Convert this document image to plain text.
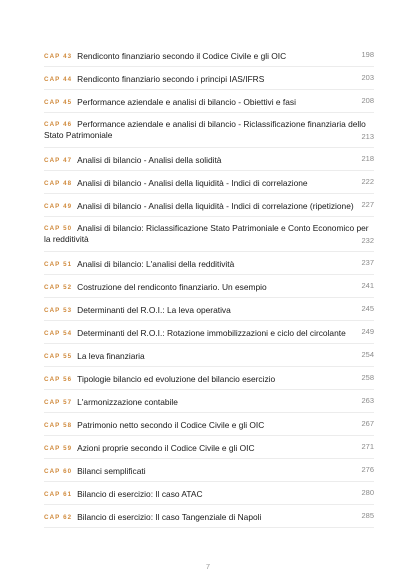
CAP 43 Rendiconto finanziario secondo il Codice Civile e gli OIC	198
CAP 44 Rendiconto finanziario secondo i principi IAS/IFRS	203
CAP 45 Performance aziendale e analisi di bilancio - Obiettivi e fasi	208
CAP 46 Performance aziendale e analisi di bilancio - Riclassificazione finanziaria dello Stato Patrimoniale	213
CAP 47 Analisi di bilancio - Analisi della solidità	218
CAP 48 Analisi di bilancio - Analisi della liquidità - Indici di correlazione	222
CAP 49 Analisi di bilancio - Analisi della liquidità - Indici di correlazione (ripetizione) 227
CAP 50 Analisi di bilancio: Riclassificazione Stato Patrimoniale e Conto Economico per la redditività	232
CAP 51 Analisi di bilancio: L'analisi della redditività	237
CAP 52 Costruzione del rendiconto finanziario. Un esempio	241
CAP 53 Determinanti del R.O.I.: La leva operativa	245
CAP 54 Determinanti del R.O.I.: Rotazione immobilizzazioni e ciclo del circolante 249
CAP 55 La leva finanziaria	254
CAP 56 Tipologie bilancio ed evoluzione del bilancio esercizio	258
CAP 57 L'armonizzazione contabile	263
CAP 58 Patrimonio netto secondo il Codice Civile e gli OIC	267
CAP 59 Azioni proprie secondo il Codice Civile e gli OIC	271
CAP 60 Bilanci semplificati	276
CAP 61 Bilancio di esercizio: Il caso ATAC	280
CAP 62 Bilancio di esercizio: Il caso Tangenziale di Napoli	285
7
